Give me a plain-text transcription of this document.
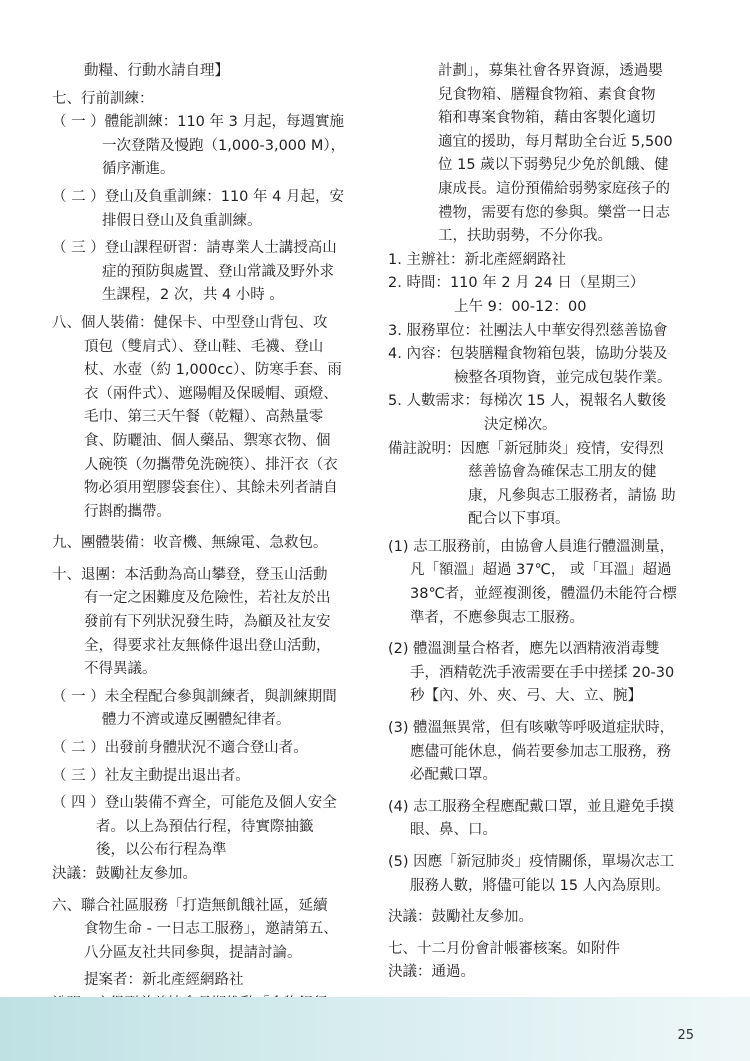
動糧、行動水請自理】
七、行前訓練：
（ 一 ）體能訓練：110 年 3 月起，每週實施
一次登階及慢跑（1,000-3,000 M），
循序漸進。
（ 二 ）登山及負重訓練：110 年 4 月起，安
排假日登山及負重訓練。
（ 三 ）登山課程研習：請專業人士講授高山
症的預防與處置、登山常識及野外求
生課程，2 次，共 4 小時 。
八、個人裝備：健保卡、中型登山背包、攻
頂包（雙肩式）、登山鞋、毛襪、登山
杖、水壺（約 1,000cc）、防寒手套、雨
衣（兩件式）、遮陽帽及保暖帽、頭燈、
毛巾、第三天午餐（乾糧）、高熱量零
食、防曬油、個人藥品、禦寒衣物、個
人碗筷（勿攜帶免洗碗筷）、排汗衣（衣
物必須用塑膠袋套住）、其餘未列者請自
行斟酌攜帶。
九、團體裝備：收音機、無線電、急救包。
十、退團：本活動為高山攀登，登玉山活動
有一定之困難度及危險性，若社友於出
發前有下列狀況發生時，為顧及社友安
全，得要求社友無條件退出登山活動，
不得異議。
（ 一 ）未全程配合參與訓練者，與訓練期間
體力不濟或違反團體紀律者。
（ 二 ）出發前身體狀況不適合登山者。
（ 三 ）社友主動提出退出者。
（ 四 ）登山裝備不齊全，可能危及個人安全
者。以上為預估行程，待實際抽籤
後，以公布行程為準
決議：鼓勵社友參加。
六、聯合社區服務「打造無飢餓社區，延續
食物生命 - 一日志工服務」，邀請第五、
八分區友社共同參與，提請討論。
提案者：新北產經網路社
計劃」，募集社會各界資源，透過嬰
兒食物箱、膳糧食物箱、素食食物
箱和專案食物箱，藉由客製化適切
適宜的援助，每月幫助全台近 5,500
位 15 歲以下弱勢兒少免於飢餓、健
康成長。這份預備給弱勢家庭孩子的
禮物，需要有您的參與。樂當一日志
工，扶助弱勢，不分你我。
1. 主辦社：新北產經網路社
2. 時間：110 年 2 月 24 日（星期三）
上午 9：00-12：00
3. 服務單位：社團法人中華安得烈慈善協會
4. 內容：包裝膳糧食物箱包裝，協助分裝及
檢整各項物資，並完成包裝作業。
5. 人數需求：每梯次 15 人，視報名人數後
決定梯次。
備註說明：因應「新冠肺炎」疫情，安得烈
慈善協會為確保志工朋友的健
康，凡參與志工服務者，請協 助
配合以下事項。
(1) 志工服務前，由協會人員進行體溫測量，
凡「額溫」超過 37℃， 或「耳溫」超過
38℃者，並經複測後，體溫仍未能符合標
準者，不應參與志工服務。
(2) 體溫測量合格者，應先以酒精液消毒雙
手，酒精乾洗手液需要在手中搓揉 20-30
秒【內、外、夾、弓、大、立、腕】
(3) 體溫無異常，但有咳嗽等呼吸道症狀時，
應儘可能休息，倘若要參加志工服務，務
必配戴口罩。
(4) 志工服務全程應配戴口罩，並且避免手摸
眼、鼻、口。
(5) 因應「新冠肺炎」疫情關係，單場次志工
服務人數，將儘可能以 15 人內為原則。
決議：鼓勵社友參加。
七、十二月份會計帳審核案。如附件
決議：通過。
25
